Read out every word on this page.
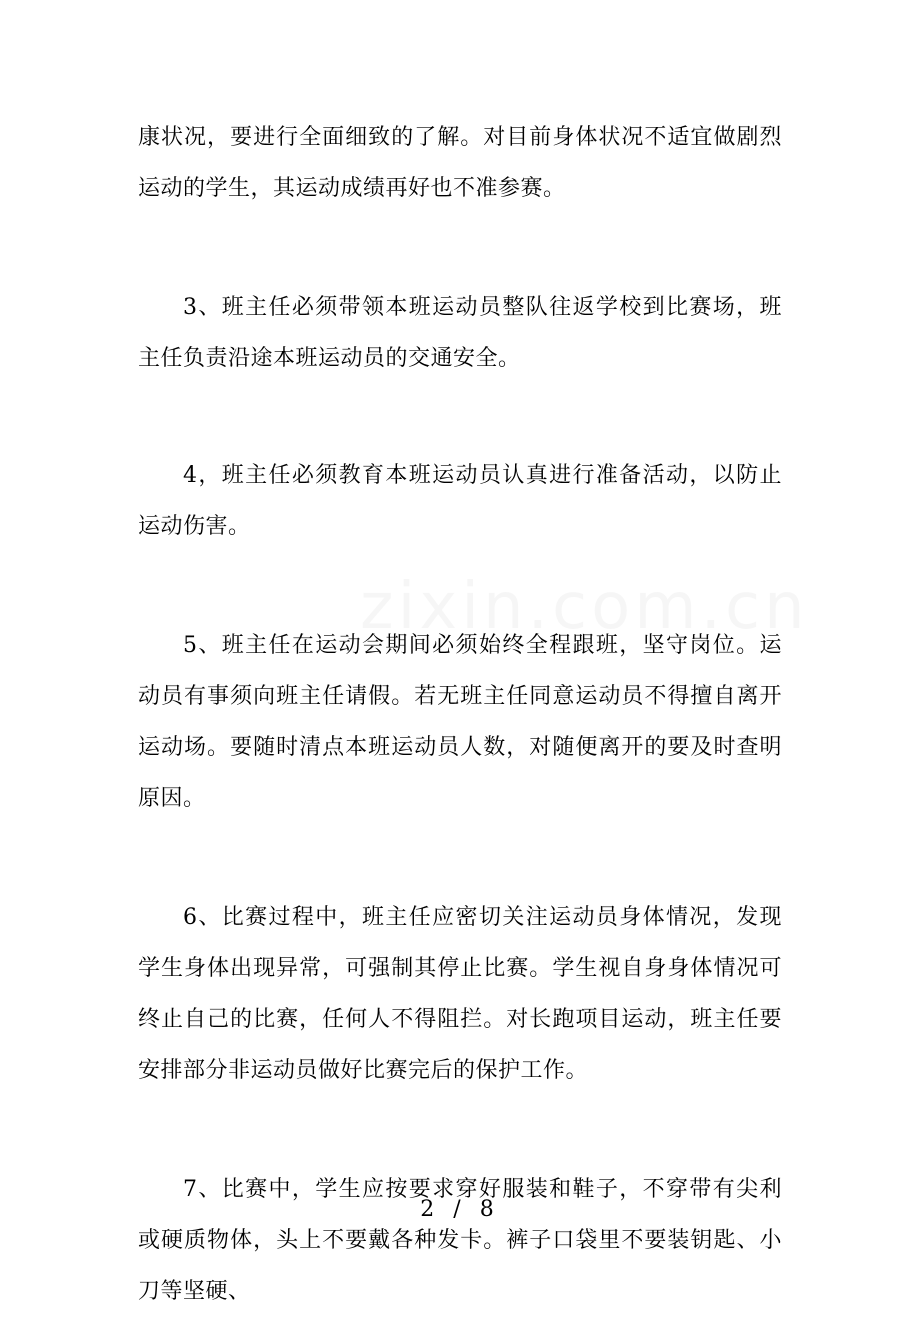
康状况，要进行全面细致的了解。对目前身体状况不适宜做剧烈运动的学生，其运动成绩再好也不准参赛。

3、班主任必须带领本班运动员整队往返学校到比赛场，班主任负责沿途本班运动员的交通安全。

4，班主任必须教育本班运动员认真进行准备活动，以防止运动伤害。

5、班主任在运动会期间必须始终全程跟班，坚守岗位。运动员有事须向班主任请假。若无班主任同意运动员不得擅自离开运动场。要随时清点本班运动员人数，对随便离开的要及时查明原因。

6、比赛过程中，班主任应密切关注运动员身体情况，发现学生身体出现异常，可强制其停止比赛。学生视自身身体情况可终止自己的比赛，任何人不得阻拦。对长跑项目运动，班主任要安排部分非运动员做好比赛完后的保护工作。

7、比赛中，学生应按要求穿好服装和鞋子，不穿带有尖利或硬质物体，头上不要戴各种发卡。裤子口袋里不要装钥匙、小刀等坚硬、

2 / 8
